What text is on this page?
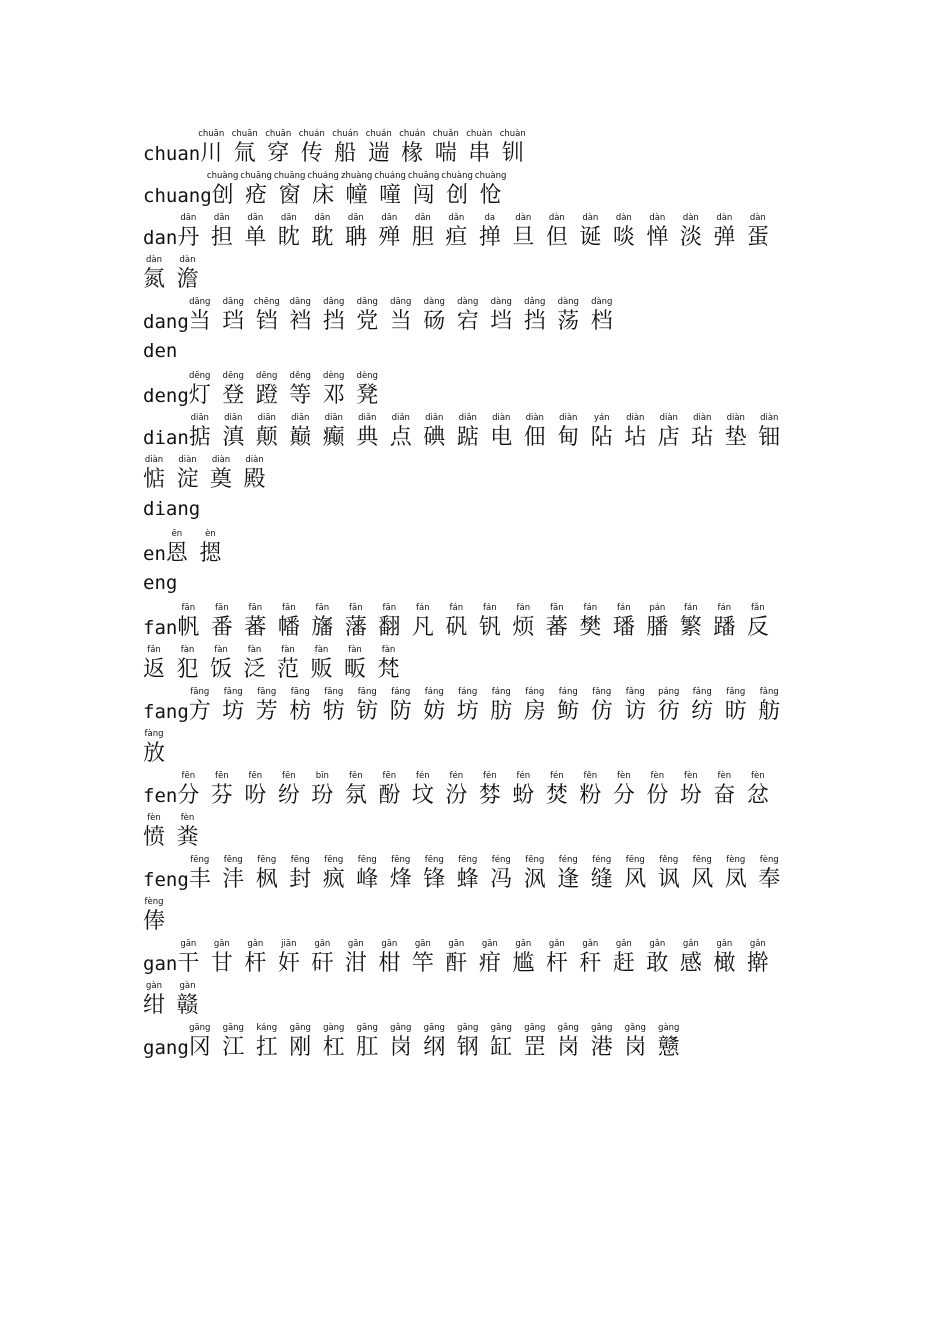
chuan
chuān
川
chuān
氚
chuān
穿
chuán
传
chuán
船
chuán
遄
chuán
椽
chuǎn
喘
chuàn
串
chuàn
钏
chuang
chuàng
创
chuāng
疮
chuāng
窗
chuáng
床
zhuàng
幢
chuáng
噇
chuǎng
闯
chuàng
创
chuàng
怆
dan
dān
丹
dān
担
dān
单
dān
眈
dān
耽
dān
聃
dān
殚
dǎn
胆
dǎn
疸
da
掸
dàn
旦
dàn
但
dàn
诞
dàn
啖
dàn
惮
dàn
淡
dàn
弹
dàn
蛋
dàn
氮
dàn
澹
dang
dāng
当
dāng
珰
chēng
铛
dāng
裆
dǎng
挡
dǎng
党
dāng
当
dàng
砀
dàng
宕
dàng
垱
dǎng
挡
dàng
荡
dàng
档
den
deng
dēng
灯
dēng
登
dēng
蹬
děng
等
dèng
邓
dèng
凳
dian
diān
掂
diān
滇
diān
颠
diān
巅
diān
癫
diǎn
典
diǎn
点
diǎn
碘
diǎn
踮
diàn
电
diàn
佃
diàn
甸
yán
阽
diàn
坫
diàn
店
diàn
玷
diàn
垫
diàn
钿
diàn
惦
diàn
淀
diàn
奠
diàn
殿
diang
en
ēn
恩
èn
摁
eng
fan
fān
帆
fān
番
fān
蕃
fān
幡
fān
旛
fān
藩
fān
翻
fán
凡
fán
矾
fán
钒
fán
烦
fān
蕃
fán
樊
fán
璠
pán
膰
fán
繁
fán
蹯
fǎn
反
fǎn
返
fàn
犯
fàn
饭
fàn
泛
fàn
范
fàn
贩
fàn
畈
fàn
梵
fang
fāng
方
fāng
坊
fāng
芳
fāng
枋
fāng
牥
fāng
钫
fáng
防
fáng
妨
fáng
坊
fáng
肪
fáng
房
fáng
鲂
fǎng
仿
fǎng
访
páng
彷
fǎng
纺
fǎng
昉
fǎng
舫
fàng
放
fen
fēn
分
fēn
芬
fēn
吩
fēn
纷
bīn
玢
fēn
氛
fēn
酚
fén
坟
fén
汾
fén
棼
fén
蚡
fén
焚
fěn
粉
fèn
分
fèn
份
fèn
坋
fèn
奋
fèn
忿
fèn
愤
fèn
粪
feng
fēng
丰
fēng
沣
fēng
枫
fēng
封
fēng
疯
fēng
峰
fēng
烽
fēng
锋
fēng
蜂
féng
冯
fēng
沨
féng
逢
féng
缝
fēng
风
fěng
讽
fēng
风
fèng
凤
fèng
奉
fèng
俸
gan
gān
干
gān
甘
gǎn
杆
jiān
奸
gān
矸
gān
泔
gān
柑
gān
竿
gān
酐
gān
疳
gān
尴
gǎn
杆
gǎn
秆
gǎn
赶
gǎn
敢
gǎn
感
gǎn
橄
gǎn
擀
gàn
绀
gàn
赣
gang
gāng
冈
gāng
江
káng
扛
gāng
刚
gàng
杠
gāng
肛
gǎng
岗
gāng
纲
gāng
钢
gāng
缸
gāng
罡
gǎng
岗
gǎng
港
gǎng
岗
gàng
戆
